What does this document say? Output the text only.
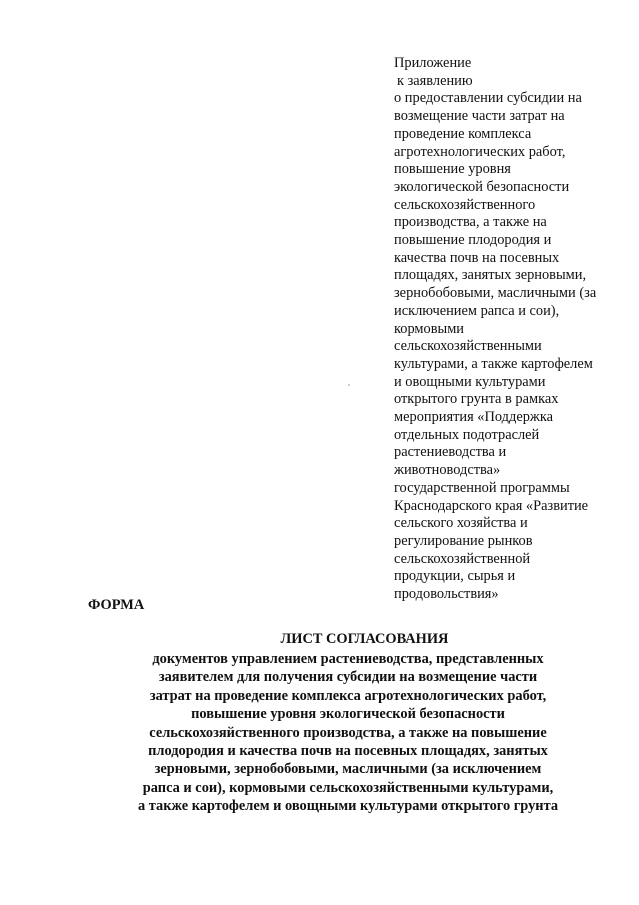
Приложение
к заявлению
о предоставлении субсидии на
возмещение части затрат на
проведение комплекса
агротехнологических работ,
повышение уровня
экологической безопасности
сельскохозяйственного
производства, а также на
повышение плодородия и
качества почв на посевных
площадях, занятых зерновыми,
зернобобовыми, масличными (за
исключением рапса и сои),
кормовыми
сельскохозяйственными
культурами, а также картофелем
и овощными культурами
открытого грунта в рамках
мероприятия «Поддержка
отдельных подотраслей
растениеводства и
животноводства»
государственной программы
Краснодарского края «Развитие
сельского хозяйства и
регулирование рынков
сельскохозяйственной
продукции, сырья и
продовольствия»

ФОРМА

ЛИСТ СОГЛАСОВАНИЯ
документов управлением растениеводства, представленных
заявителем для получения субсидии на возмещение части
затрат на проведение комплекса агротехнологических работ,
повышение уровня экологической безопасности
сельскохозяйственного производства, а также на повышение
плодородия и качества почв на посевных площадях, занятых
зерновыми, зернобобовыми, масличными (за исключением
рапса и сои), кормовыми сельскохозяйственными культурами,
а также картофелем и овощными культурами открытого грунта
